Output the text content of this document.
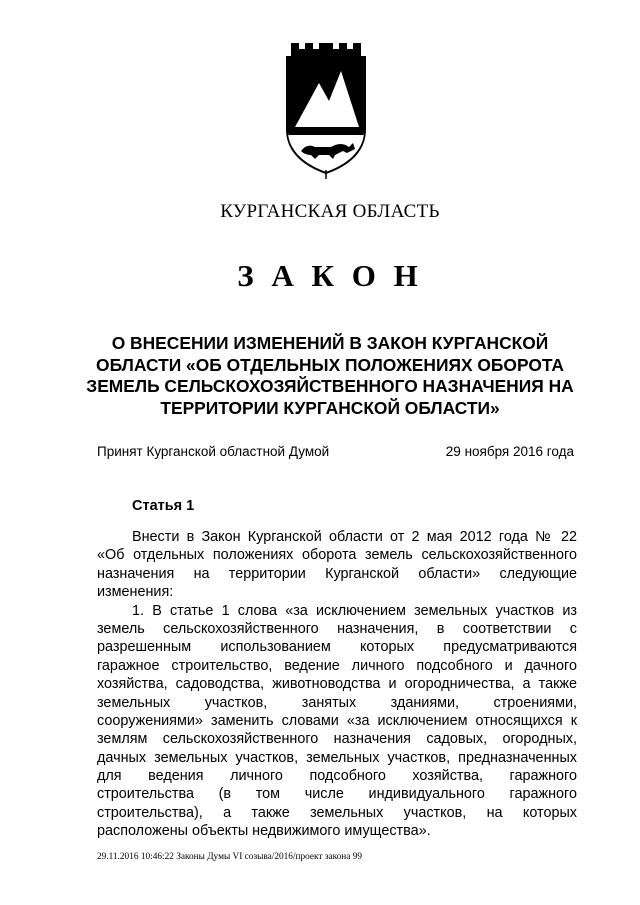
КУРГАНСКАЯ ОБЛАСТЬ
З А К О Н
О ВНЕСЕНИИ ИЗМЕНЕНИЙ В ЗАКОН КУРГАНСКОЙ
ОБЛАСТИ «ОБ ОТДЕЛЬНЫХ ПОЛОЖЕНИЯХ ОБОРОТА
ЗЕМЕЛЬ СЕЛЬСКОХОЗЯЙСТВЕННОГО НАЗНАЧЕНИЯ НА
ТЕРРИТОРИИ КУРГАНСКОЙ ОБЛАСТИ»
Принят Курганской областной Думой	29 ноября 2016 года
Статья 1
Внести в Закон Курганской области от 2 мая 2012 года № 22
«Об отдельных положениях оборота земель сельскохозяйственного
назначения на территории Курганской области» следующие
изменения:
1. В статье 1 слова «за исключением земельных участков из
земель сельскохозяйственного назначения, в соответствии с
разрешенным использованием которых предусматриваются
гаражное строительство, ведение личного подсобного и дачного
хозяйства, садоводства, животноводства и огородничества, а также
земельных участков, занятых зданиями, строениями,
сооружениями» заменить словами «за исключением относящихся к
землям сельскохозяйственного назначения садовых, огородных,
дачных земельных участков, земельных участков, предназначенных
для ведения личного подсобного хозяйства, гаражного
строительства (в том числе индивидуального гаражного
строительства), а также земельных участков, на которых
расположены объекты недвижимого имущества».
29.11.2016 10:46:22 Законы Думы VI созыва/2016/проект закона 99
